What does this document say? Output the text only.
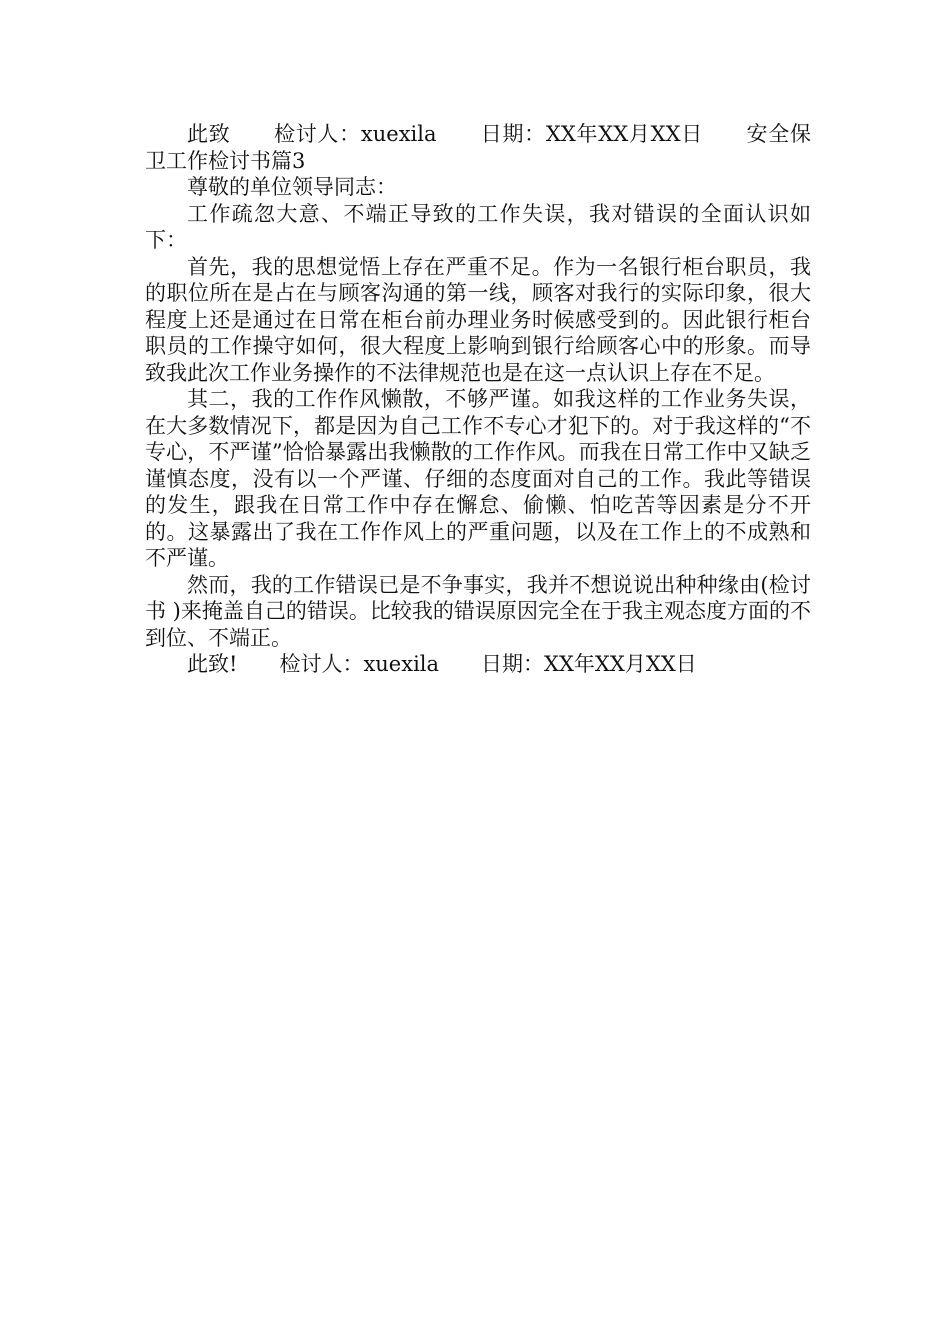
此致　　检讨人：xuexila　　日期：XX年XX月XX日　　安全保卫工作检讨书篇3

尊敬的单位领导同志：

工作疏忽大意、不端正导致的工作失误，我对错误的全面认识如下：

首先，我的思想觉悟上存在严重不足。作为一名银行柜台职员，我的职位所在是占在与顾客沟通的第一线，顾客对我行的实际印象，很大程度上还是通过在日常在柜台前办理业务时候感受到的。因此银行柜台职员的工作操守如何，很大程度上影响到银行给顾客心中的形象。而导致我此次工作业务操作的不法律规范也是在这一点认识上存在不足。

其二，我的工作作风懒散，不够严谨。如我这样的工作业务失误，在大多数情况下，都是因为自己工作不专心才犯下的。对于我这样的“不专心，不严谨”恰恰暴露出我懒散的工作作风。而我在日常工作中又缺乏谨慎态度，没有以一个严谨、仔细的态度面对自己的工作。我此等错误的发生，跟我在日常工作中存在懈怠、偷懒、怕吃苦等因素是分不开的。这暴露出了我在工作作风上的严重问题，以及在工作上的不成熟和不严谨。

然而，我的工作错误已是不争事实，我并不想说说出种种缘由(检讨书 )来掩盖自己的错误。比较我的错误原因完全在于我主观态度方面的不到位、不端正。

此致!　　检讨人：xuexila　　日期：XX年XX月XX日
